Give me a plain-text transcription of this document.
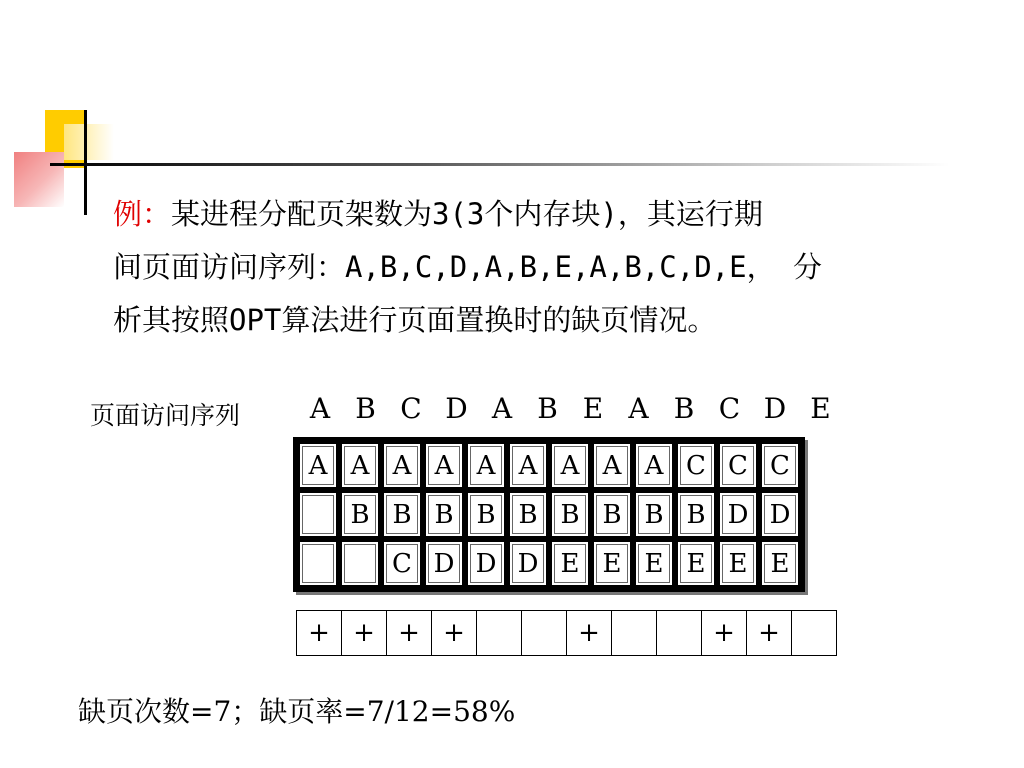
例：某进程分配页架数为3(3个内存块)，其运行期
间页面访问序列：A,B,C,D,A,B,E,A,B,C,D,E， 分
析其按照OPT算法进行页面置换时的缺页情况。
页面访问序列	A B C D A B E A B C D E
A	A	A	A	A	A	A	A	A	C	C	C
	B	B	B	B	B	B	B	B	B	D	D
		C	D	D	D	E	E	E	E	E	E
+	+	+	+			+			+	+	
缺页次数=7；缺页率=7/12=58%
